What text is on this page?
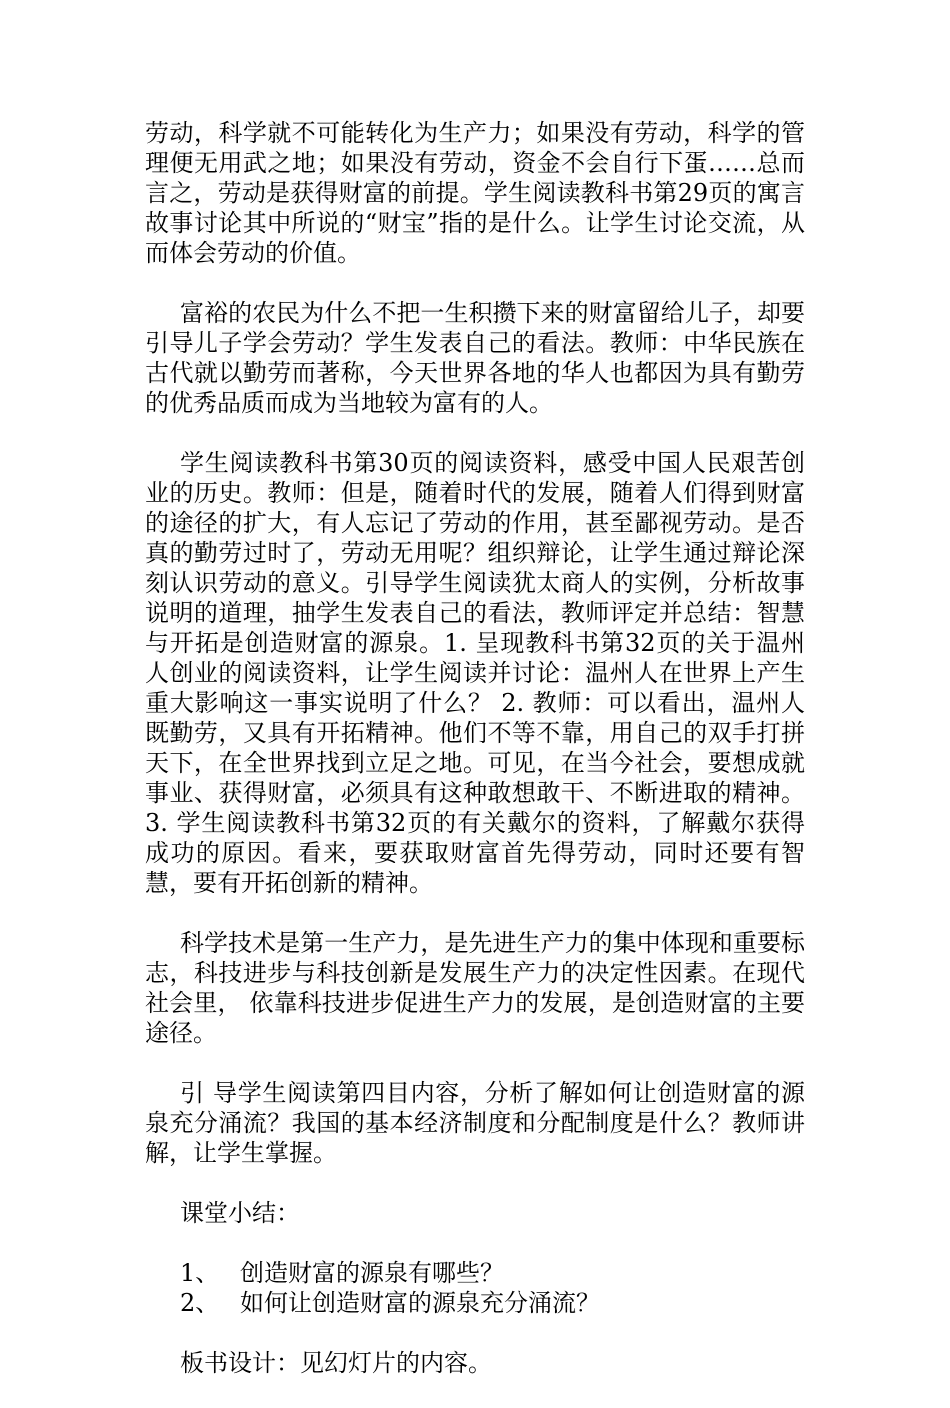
劳动，科学就不可能转化为生产力；如果没有劳动，科学的管理便无用武之地；如果没有劳动，资金不会自行下蛋……总而言之，劳动是获得财富的前提。学生阅读教科书第29页的寓言故事讨论其中所说的“财宝”指的是什么。让学生讨论交流，从而体会劳动的价值。

富裕的农民为什么不把一生积攒下来的财富留给儿子，却要引导儿子学会劳动？学生发表自己的看法。教师：中华民族在古代就以勤劳而著称，今天世界各地的华人也都因为具有勤劳的优秀品质而成为当地较为富有的人。

学生阅读教科书第30页的阅读资料，感受中国人民艰苦创业的历史。教师：但是，随着时代的发展，随着人们得到财富的途径的扩大，有人忘记了劳动的作用，甚至鄙视劳动。是否真的勤劳过时了，劳动无用呢？组织辩论，让学生通过辩论深刻认识劳动的意义。引导学生阅读犹太商人的实例，分析故事说明的道理，抽学生发表自己的看法，教师评定并总结：智慧与开拓是创造财富的源泉。1. 呈现教科书第32页的关于温州人创业的阅读资料，让学生阅读并讨论：温州人在世界上产生重大影响这一事实说明了什么？ 2. 教师：可以看出，温州人既勤劳，又具有开拓精神。他们不等不靠，用自己的双手打拼天下，在全世界找到立足之地。可见，在当今社会，要想成就事业、获得财富，必须具有这种敢想敢干、不断进取的精神。3. 学生阅读教科书第32页的有关戴尔的资料，了解戴尔获得成功的原因。看来，要获取财富首先得劳动，同时还要有智慧，要有开拓创新的精神。

科学技术是第一生产力，是先进生产力的集中体现和重要标志，科技进步与科技创新是发展生产力的决定性因素。在现代社会里， 依靠科技进步促进生产力的发展，是创造财富的主要途径。

引 导学生阅读第四目内容，分析了解如何让创造财富的源泉充分涌流？我国的基本经济制度和分配制度是什么？教师讲解，让学生掌握。

课堂小结：

1、 创造财富的源泉有哪些？
2、 如何让创造财富的源泉充分涌流？

板书设计：见幻灯片的内容。
